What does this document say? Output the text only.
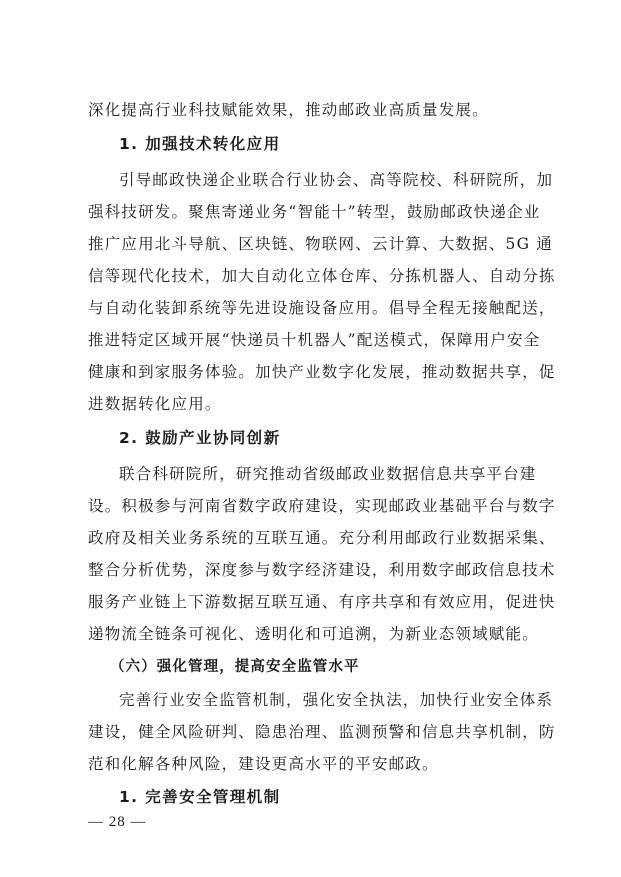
深化提高行业科技赋能效果，推动邮政业高质量发展。
1. 加强技术转化应用
引导邮政快递企业联合行业协会、高等院校、科研院所，加
强科技研发。聚焦寄递业务“智能十”转型，鼓励邮政快递企业
推广应用北斗导航、区块链、物联网、云计算、大数据、5G 通
信等现代化技术，加大自动化立体仓库、分拣机器人、自动分拣
与自动化装卸系统等先进设施设备应用。倡导全程无接触配送，
推进特定区域开展“快递员十机器人”配送模式，保障用户安全
健康和到家服务体验。加快产业数字化发展，推动数据共享，促
进数据转化应用。
2. 鼓励产业协同创新
联合科研院所，研究推动省级邮政业数据信息共享平台建
设。积极参与河南省数字政府建设，实现邮政业基础平台与数字
政府及相关业务系统的互联互通。充分利用邮政行业数据采集、
整合分析优势，深度参与数字经济建设，利用数字邮政信息技术
服务产业链上下游数据互联互通、有序共享和有效应用，促进快
递物流全链条可视化、透明化和可追溯，为新业态领域赋能。
（六）强化管理，提高安全监管水平
完善行业安全监管机制，强化安全执法，加快行业安全体系
建设，健全风险研判、隐患治理、监测预警和信息共享机制，防
范和化解各种风险，建设更高水平的平安邮政。
1. 完善安全管理机制
— 28 —
